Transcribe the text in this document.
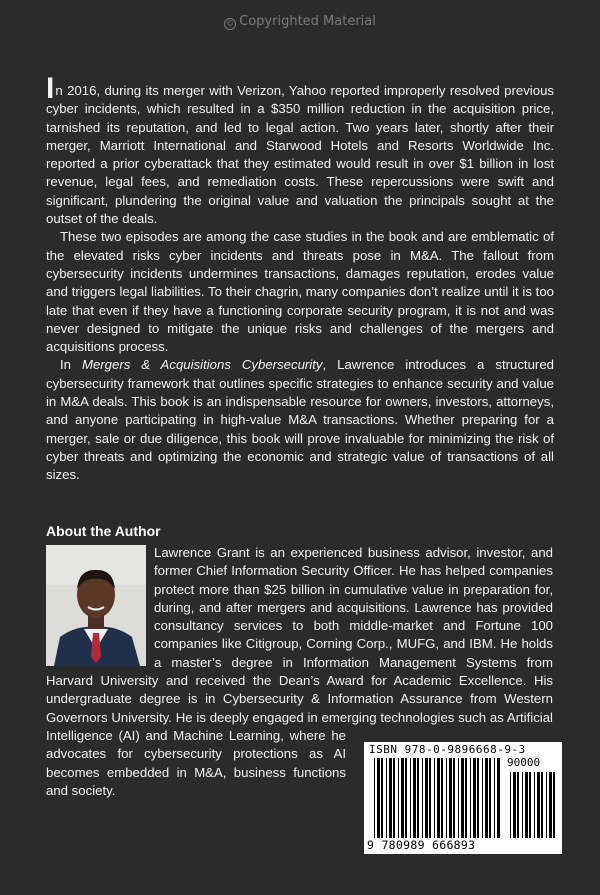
© Copyrighted Material

In 2016, during its merger with Verizon, Yahoo reported improperly resolved previous cyber incidents, which resulted in a $350 million reduction in the acquisition price, tarnished its reputation, and led to legal action. Two years later, shortly after their merger, Marriott International and Starwood Hotels and Resorts Worldwide Inc. reported a prior cyberattack that they estimated would result in over $1 billion in lost revenue, legal fees, and remediation costs. These repercussions were swift and significant, plundering the original value and valuation the principals sought at the outset of the deals.

These two episodes are among the case studies in the book and are emblematic of the elevated risks cyber incidents and threats pose in M&A. The fallout from cybersecurity incidents undermines transactions, damages reputation, erodes value and triggers legal liabilities. To their chagrin, many companies don’t realize until it is too late that even if they have a functioning corporate security program, it is not and was never designed to mitigate the unique risks and challenges of the mergers and acquisitions process.

In Mergers & Acquisitions Cybersecurity, Lawrence introduces a structured cybersecurity framework that outlines specific strategies to enhance security and value in M&A deals. This book is an indispensable resource for owners, investors, attorneys, and anyone participating in high-value M&A transactions. Whether preparing for a merger, sale or due diligence, this book will prove invaluable for minimizing the risk of cyber threats and optimizing the economic and strategic value of transactions of all sizes.

About the Author
Lawrence Grant is an experienced business advisor, investor, and former Chief Information Security Officer. He has helped companies protect more than $25 billion in cumulative value in preparation for, during, and after mergers and acquisitions. Lawrence has provided consultancy services to both middle-market and Fortune 100 companies like Citigroup, Corning Corp., MUFG, and IBM. He holds a master’s degree in Information Management Systems from Harvard University and received the Dean’s Award for Academic Excellence. His undergraduate degree is in Cybersecurity & Information Assurance from Western Governors University. He is deeply engaged in emerging technologies such as Artificial Intelligence (AI) and Machine Learning, where he advocates for cybersecurity protections as AI becomes embedded in M&A, business functions and society.
ISBN 978-0-9896668-9-3
90000
9 780989 666893
